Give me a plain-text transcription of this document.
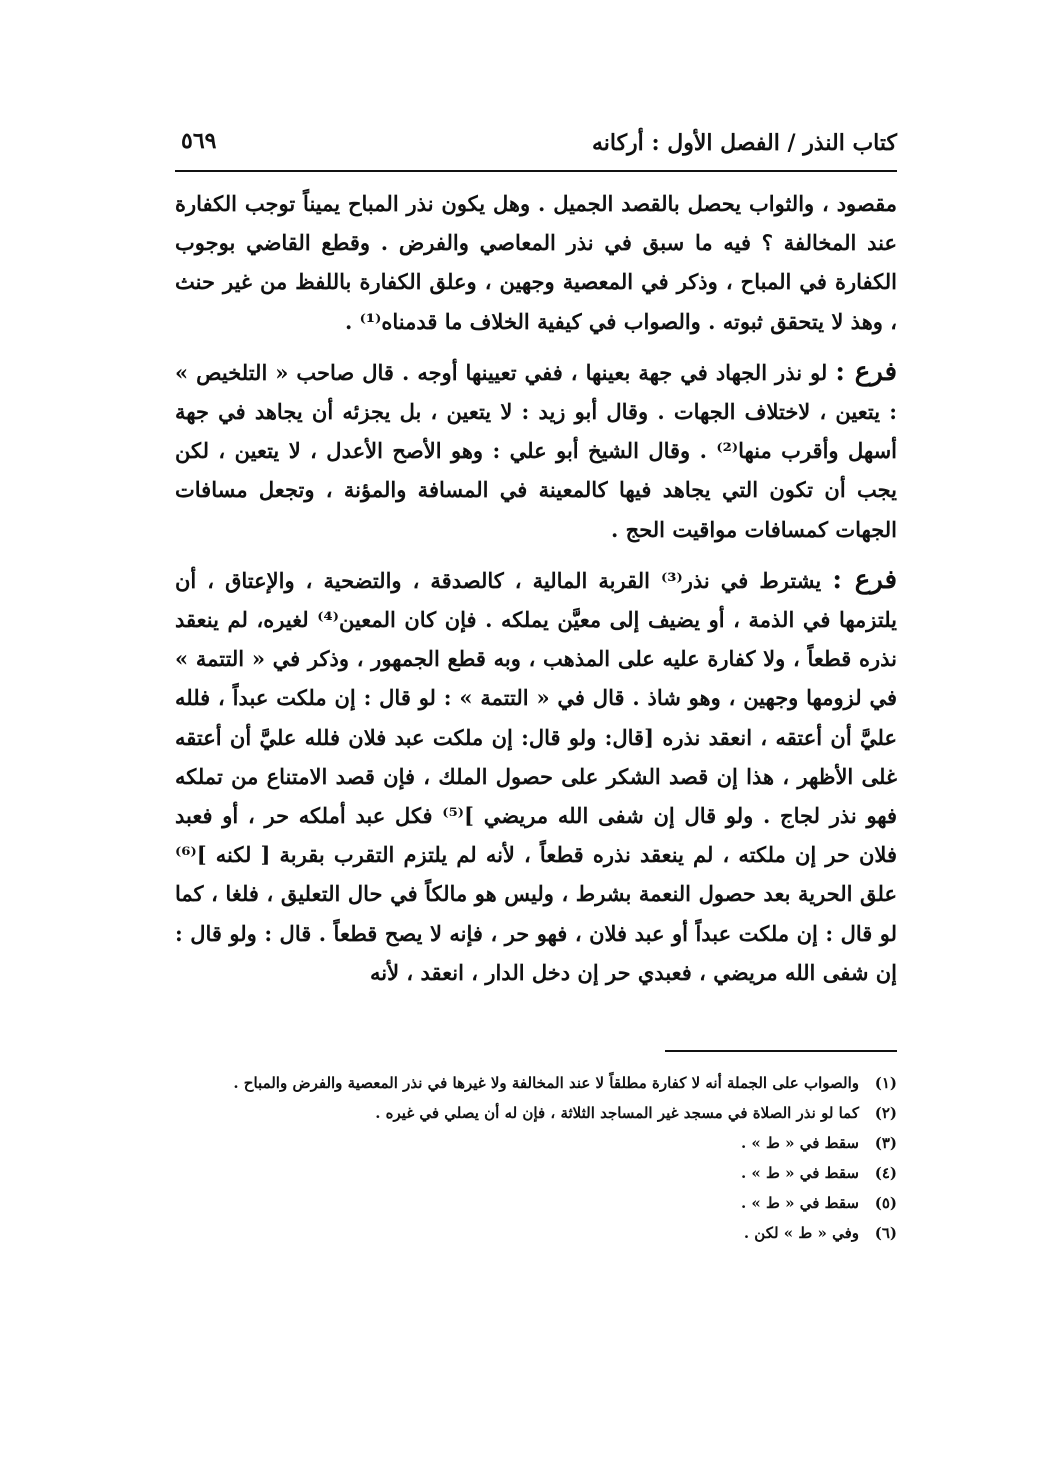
كتاب النذر / الفصل الأول : أركانه
٥٦٩

مقصود ، والثواب يحصل بالقصد الجميل . وهل يكون نذر المباح يميناً توجب الكفارة عند المخالفة ؟ فيه ما سبق في نذر المعاصي والفرض . وقطع القاضي بوجوب الكفارة في المباح ، وذكر في المعصية وجهين ، وعلق الكفارة باللفظ من غير حنث ، وهذ لا يتحقق ثبوته . والصواب في كيفية الخلاف ما قدمناه⁽¹⁾ .

فرع : لو نذر الجهاد في جهة بعينها ، ففي تعيينها أوجه . قال صاحب « التلخيص » : يتعين ، لاختلاف الجهات . وقال أبو زيد : لا يتعين ، بل يجزئه أن يجاهد في جهة أسهل وأقرب منها⁽²⁾ . وقال الشيخ أبو علي : وهو الأصح الأعدل ، لا يتعين ، لكن يجب أن تكون التي يجاهد فيها كالمعينة في المسافة والمؤنة ، وتجعل مسافات الجهات كمسافات مواقيت الحج .

فرع : يشترط في نذر⁽³⁾ القربة المالية ، كالصدقة ، والتضحية ، والإعتاق ، أن يلتزمها في الذمة ، أو يضيف إلى معيَّن يملكه . فإن كان المعين⁽⁴⁾ لغيره، لم ينعقد نذره قطعاً ، ولا كفارة عليه على المذهب ، وبه قطع الجمهور ، وذكر في « التتمة » في لزومها وجهين ، وهو شاذ . قال في « التتمة » : لو قال : إن ملكت عبداً ، فلله عليَّ أن أعتقه ، انعقد نذره [قال: ولو قال: إن ملكت عبد فلان فلله عليَّ أن أعتقه غلى الأظهر ، هذا إن قصد الشكر على حصول الملك ، فإن قصد الامتناع من تملكه فهو نذر لجاج . ولو قال إن شفى الله مريضي ]⁽⁵⁾ فكل عبد أملكه حر ، أو فعبد فلان حر إن ملكته ، لم ينعقد نذره قطعاً ، لأنه لم يلتزم التقرب بقربة [ لكنه ]⁽⁶⁾ علق الحرية بعد حصول النعمة بشرط ، وليس هو مالكاً في حال التعليق ، فلغا ، كما لو قال : إن ملكت عبداً أو عبد فلان ، فهو حر ، فإنه لا يصح قطعاً . قال : ولو قال : إن شفى الله مريضي ، فعبدي حر إن دخل الدار ، انعقد ، لأنه

(١)
والصواب على الجملة أنه لا كفارة مطلقاً لا عند المخالفة ولا غيرها في نذر المعصية والفرض والمباح .
(٢)
كما لو نذر الصلاة في مسجد غير المساجد الثلاثة ، فإن له أن يصلي في غيره .
(٣)
سقط في « ط » .
(٤)
سقط في « ط » .
(٥)
سقط في « ط » .
(٦)
وفي « ط » لكن .
